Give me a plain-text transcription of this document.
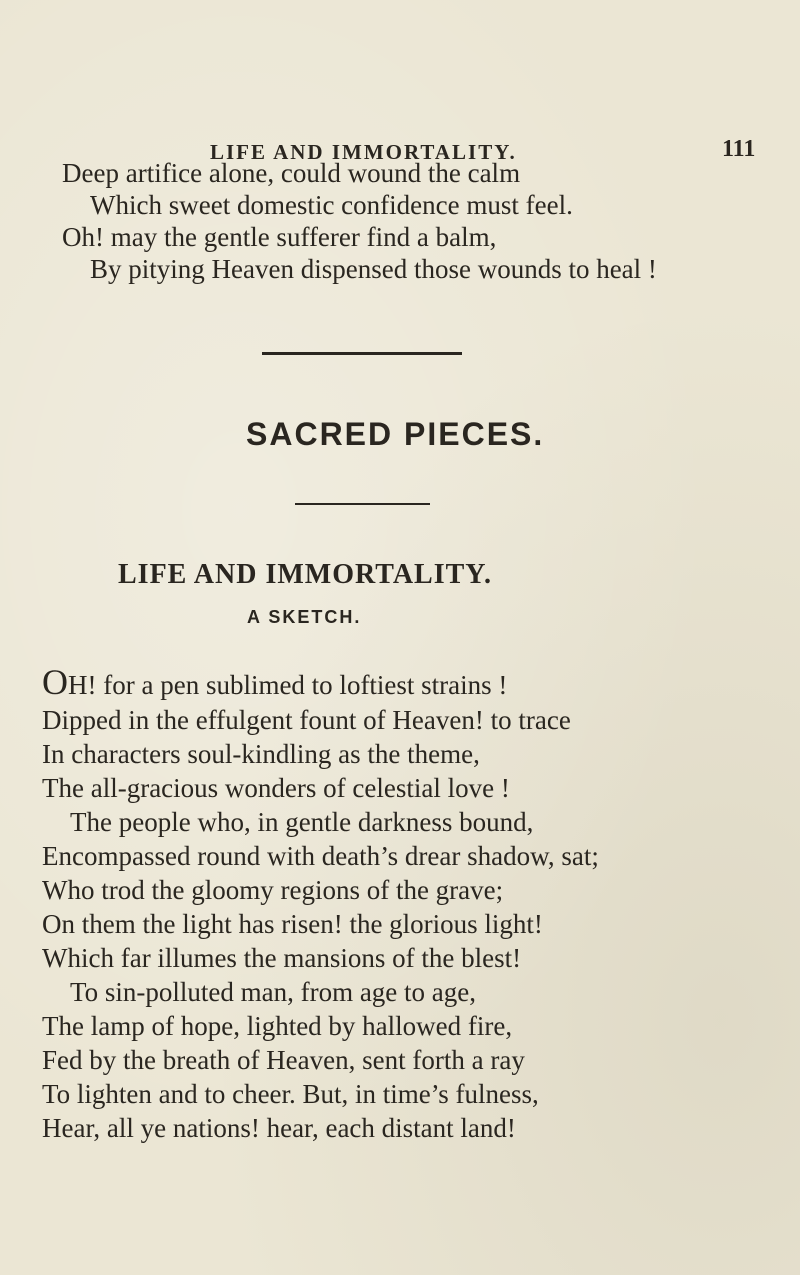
LIFE AND IMMORTALITY.	111
Deep artifice alone, could wound the calm
Which sweet domestic confidence must feel.
Oh! may the gentle sufferer find a balm,
By pitying Heaven dispensed those wounds to heal !
SACRED PIECES.
LIFE AND IMMORTALITY.
A SKETCH.
OH! for a pen sublimed to loftiest strains !
Dipped in the effulgent fount of Heaven! to trace
In characters soul-kindling as the theme,
The all-gracious wonders of celestial love !
The people who, in gentle darkness bound,
Encompassed round with death’s drear shadow, sat;
Who trod the gloomy regions of the grave;
On them the light has risen! the glorious light!
Which far illumes the mansions of the blest!
To sin-polluted man, from age to age,
The lamp of hope, lighted by hallowed fire,
Fed by the breath of Heaven, sent forth a ray
To lighten and to cheer. But, in time’s fulness,
Hear, all ye nations! hear, each distant land!
